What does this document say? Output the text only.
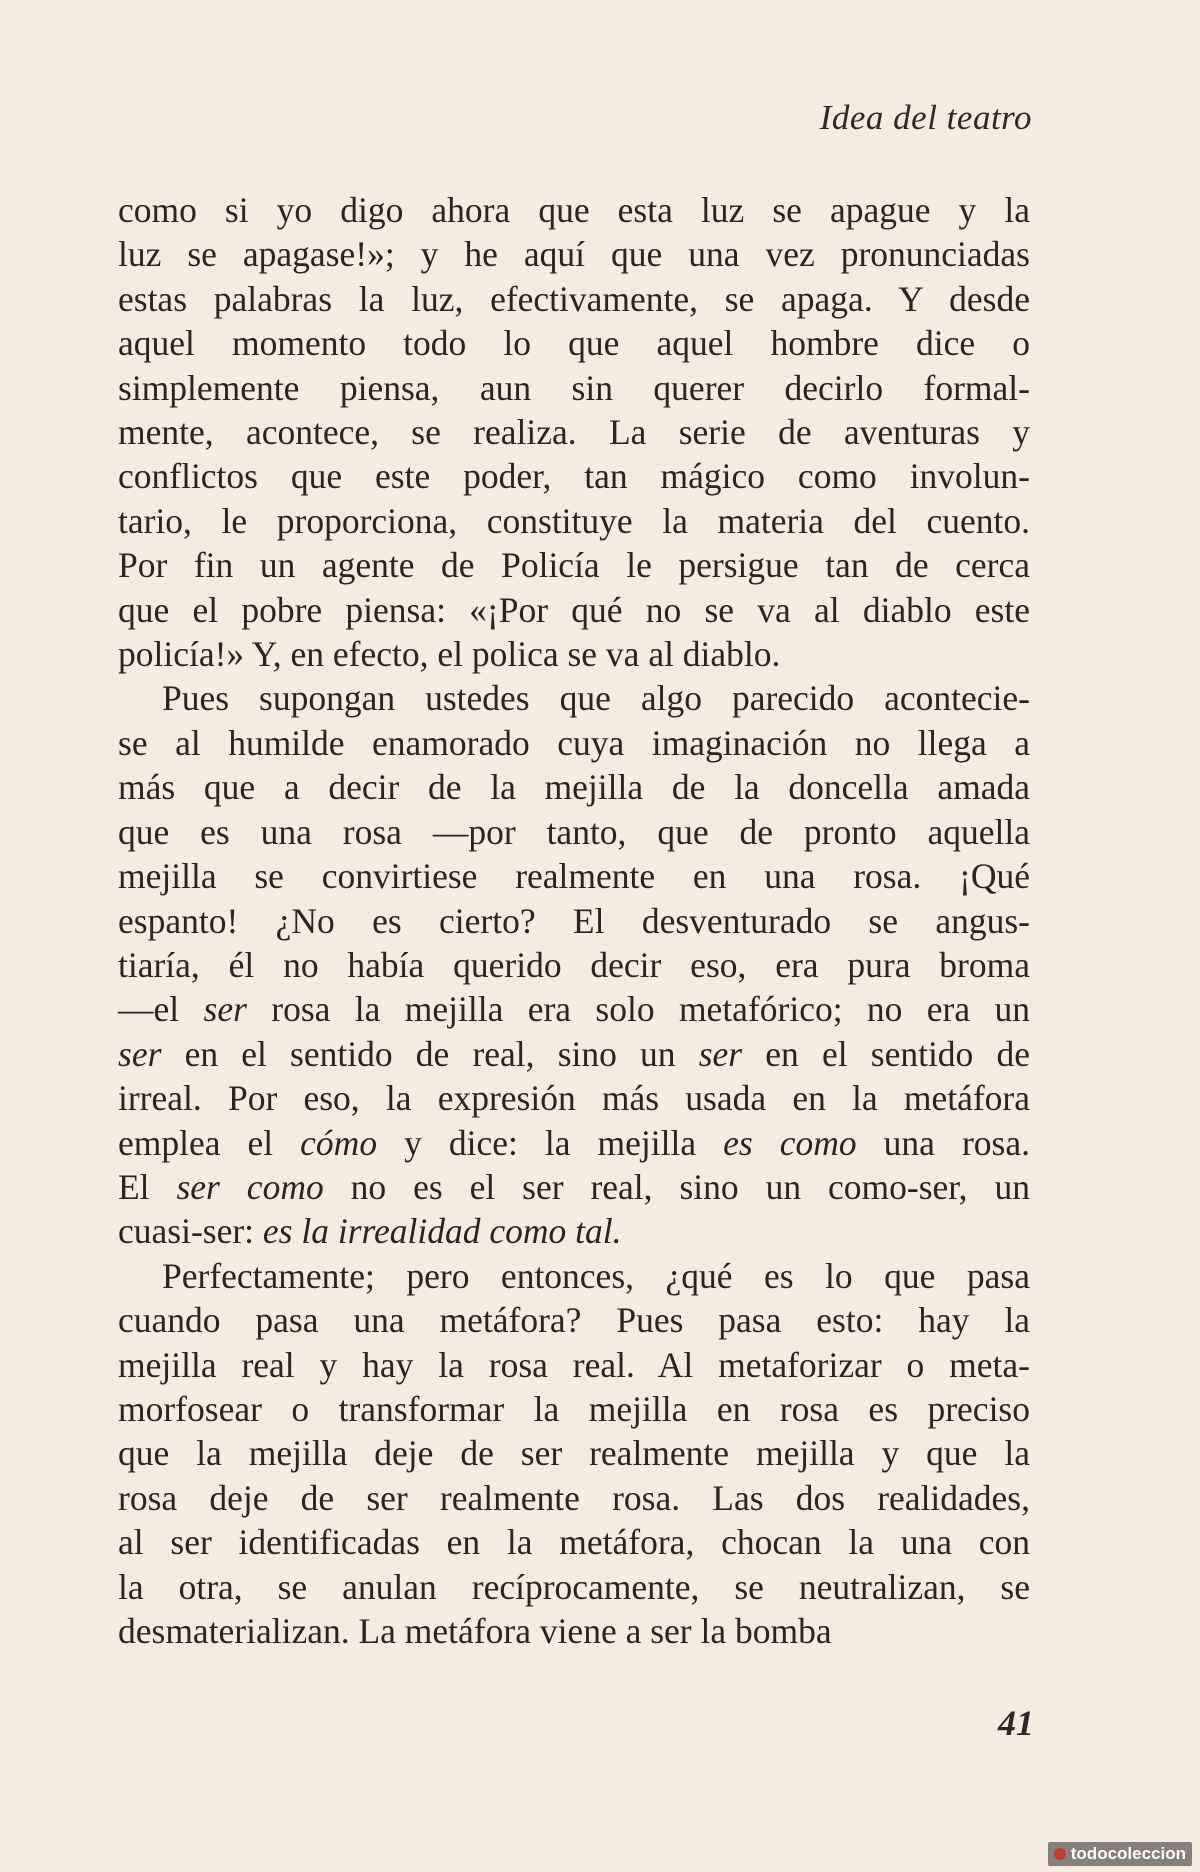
Idea del teatro

como si yo digo ahora que esta luz se apague y la

luz se apagase!»; y he aquí que una vez pronunciadas

estas palabras la luz, efectivamente, se apaga. Y desde

aquel momento todo lo que aquel hombre dice o

simplemente piensa, aun sin querer decirlo formal-

mente, acontece, se realiza. La serie de aventuras y

conflictos que este poder, tan mágico como involun-

tario, le proporciona, constituye la materia del cuento.

Por fin un agente de Policía le persigue tan de cerca

que el pobre piensa: «¡Por qué no se va al diablo este

policía!» Y, en efecto, el polica se va al diablo.

Pues supongan ustedes que algo parecido aconteciе-

se al humilde enamorado cuya imaginación no llega a

más que a decir de la mejilla de la doncella amada

que es una rosa —por tanto, que de pronto aquella

mejilla se convirtiese realmente en una rosa. ¡Qué

espanto! ¿No es cierto? El desventurado se angus-

tiaría, él no había querido decir eso, era pura broma

—el ser rosa la mejilla era solo metafórico; no era un

ser en el sentido de real, sino un ser en el sentido de

irreal. Por eso, la expresión más usada en la metáfora

emplea el cómo y dice: la mejilla es como una rosa.

El ser como no es el ser real, sino un como-ser, un

cuasi-ser: es la irrealidad como tal.

Perfectamente; pero entonces, ¿qué es lo que pasa

cuando pasa una metáfora? Pues pasa esto: hay la

mejilla real y hay la rosa real. Al metaforizar o meta-

morfosear o transformar la mejilla en rosa es preciso

que la mejilla deje de ser realmente mejilla y que la

rosa deje de ser realmente rosa. Las dos realidades,

al ser identificadas en la metáfora, chocan la una con

la otra, se anulan recíprocamente, se neutralizan, se

desmaterializan. La metáfora viene a ser la bomba

41
todocoleccion
